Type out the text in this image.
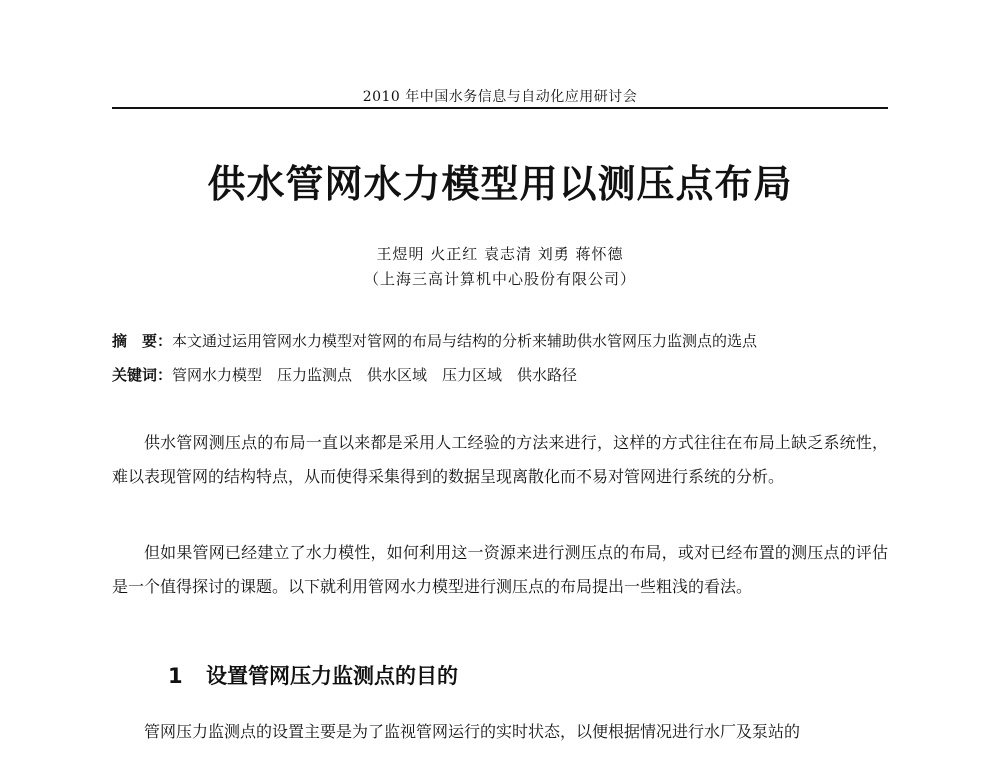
2010 年中国水务信息与自动化应用研讨会
供水管网水力模型用以测压点布局
王煜明 火正红 袁志清 刘勇 蒋怀德
（上海三高计算机中心股份有限公司）
摘　要：本文通过运用管网水力模型对管网的布局与结构的分析来辅助供水管网压力监测点的选点
关键词：管网水力模型　压力监测点　供水区域　压力区域　供水路径

供水管网测压点的布局一直以来都是采用人工经验的方法来进行，这样的方式往往在布局上缺乏系统性，难以表现管网的结构特点，从而使得采集得到的数据呈现离散化而不易对管网进行系统的分析。

但如果管网已经建立了水力模性，如何利用这一资源来进行测压点的布局，或对已经布置的测压点的评估是一个值得探讨的课题。以下就利用管网水力模型进行测压点的布局提出一些粗浅的看法。

1 设置管网压力监测点的目的

管网压力监测点的设置主要是为了监视管网运行的实时状态，以便根据情况进行水厂及泵站的
